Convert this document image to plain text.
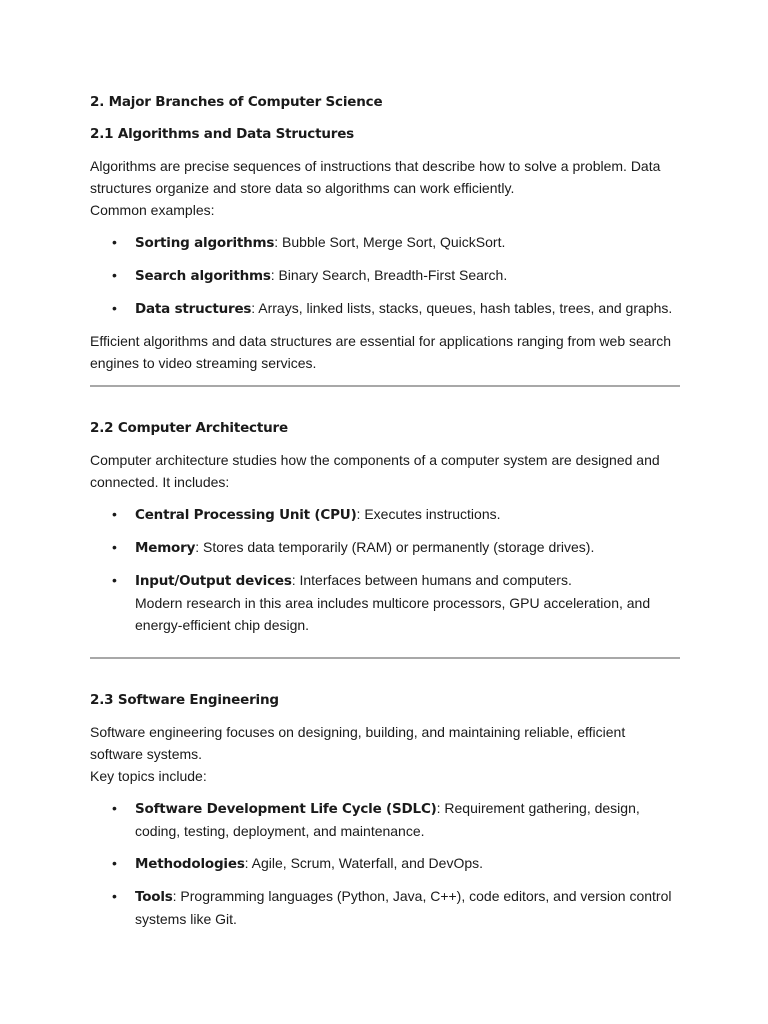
2. Major Branches of Computer Science
2.1 Algorithms and Data Structures

Algorithms are precise sequences of instructions that describe how to solve a problem. Data structures organize and store data so algorithms can work efficiently.

Common examples:

• Sorting algorithms: Bubble Sort, Merge Sort, QuickSort.
• Search algorithms: Binary Search, Breadth-First Search.
• Data structures: Arrays, linked lists, stacks, queues, hash tables, trees, and graphs.

Efficient algorithms and data structures are essential for applications ranging from web search engines to video streaming services.

2.2 Computer Architecture

Computer architecture studies how the components of a computer system are designed and connected. It includes:

• Central Processing Unit (CPU): Executes instructions.
• Memory: Stores data temporarily (RAM) or permanently (storage drives).
• Input/Output devices: Interfaces between humans and computers.
Modern research in this area includes multicore processors, GPU acceleration, and energy-efficient chip design.
2.3 Software Engineering

Software engineering focuses on designing, building, and maintaining reliable, efficient software systems.

Key topics include:

• Software Development Life Cycle (SDLC): Requirement gathering, design, coding, testing, deployment, and maintenance.
• Methodologies: Agile, Scrum, Waterfall, and DevOps.
• Tools: Programming languages (Python, Java, C++), code editors, and version control systems like Git.
